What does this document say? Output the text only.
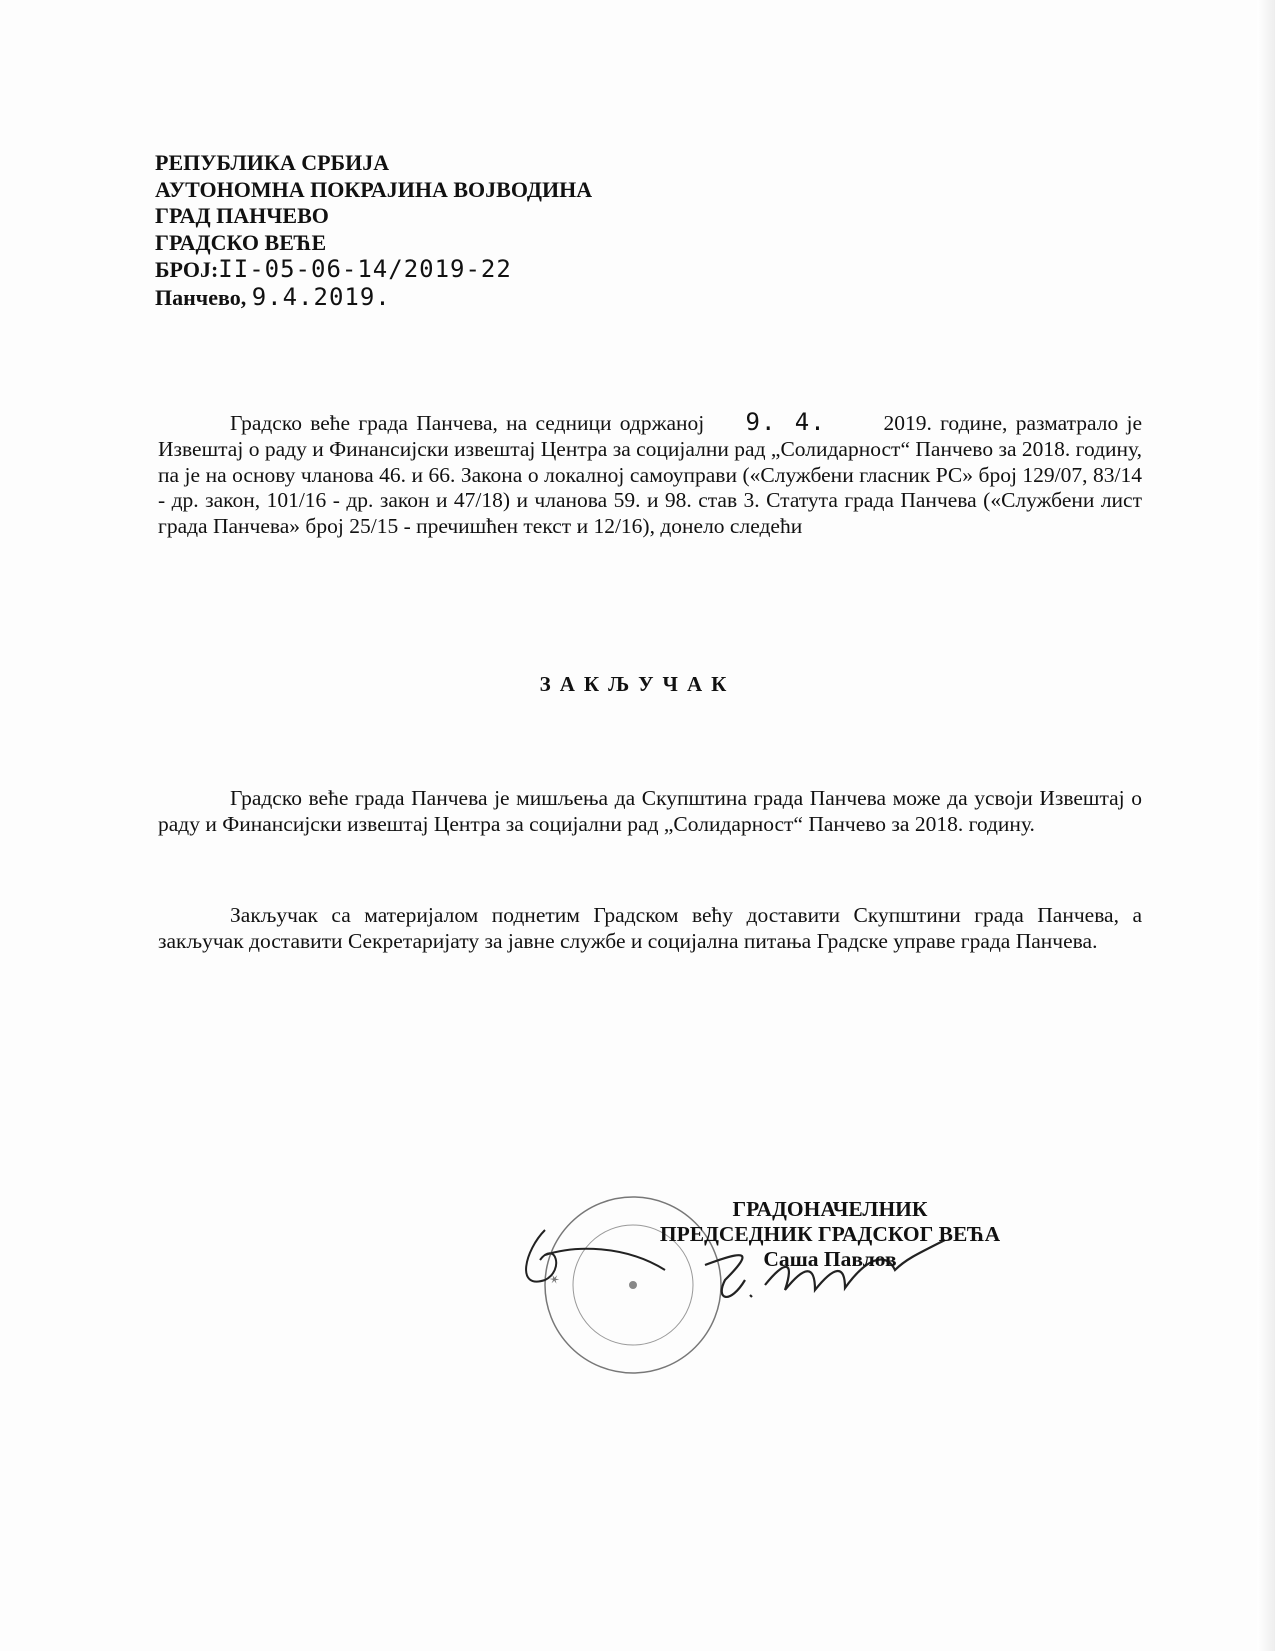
РЕПУБЛИКА СРБИЈА
АУТОНОМНА ПОКРАЈИНА ВОЈВОДИНА
ГРАД ПАНЧЕВО
ГРАДСКО ВЕЋЕ
БРОЈ:II-05-06-14/2019-22
Панчево, 9.4.2019.

Градско веће града Панчева, на седници одржаној 9. 4.	2019. године, разматрало је Извештај о раду и Финансијски извештај Центра за социјални рад „Солидарност“ Панчево за 2018. годину, па је на основу чланова 46. и 66. Закона о локалној самоуправи («Службени гласник РС» број 129/07, 83/14 - др. закон, 101/16 - др. закон и 47/18) и чланова 59. и 98. став 3. Статута града Панчева («Службени лист града Панчева» број 25/15 - пречишћен текст и 12/16), донело следећи

ЗАКЉУЧАК

Градско веће града Панчева је мишљења да Скупштина града Панчева може да усвоји Извештај о раду и Финансијски извештај Центра за социјални рад „Солидарност“ Панчево за 2018. годину.

Закључак са материјалом поднетим Градском већу доставити Скупштини града Панчева, а закључак доставити Секретаријату за јавне службе и социјална питања Градске управе града Панчева.

✶
ГРАДОНАЧЕЛНИК
ПРЕДСЕДНИК ГРАДСКОГ ВЕЋА
Саша Павлов
